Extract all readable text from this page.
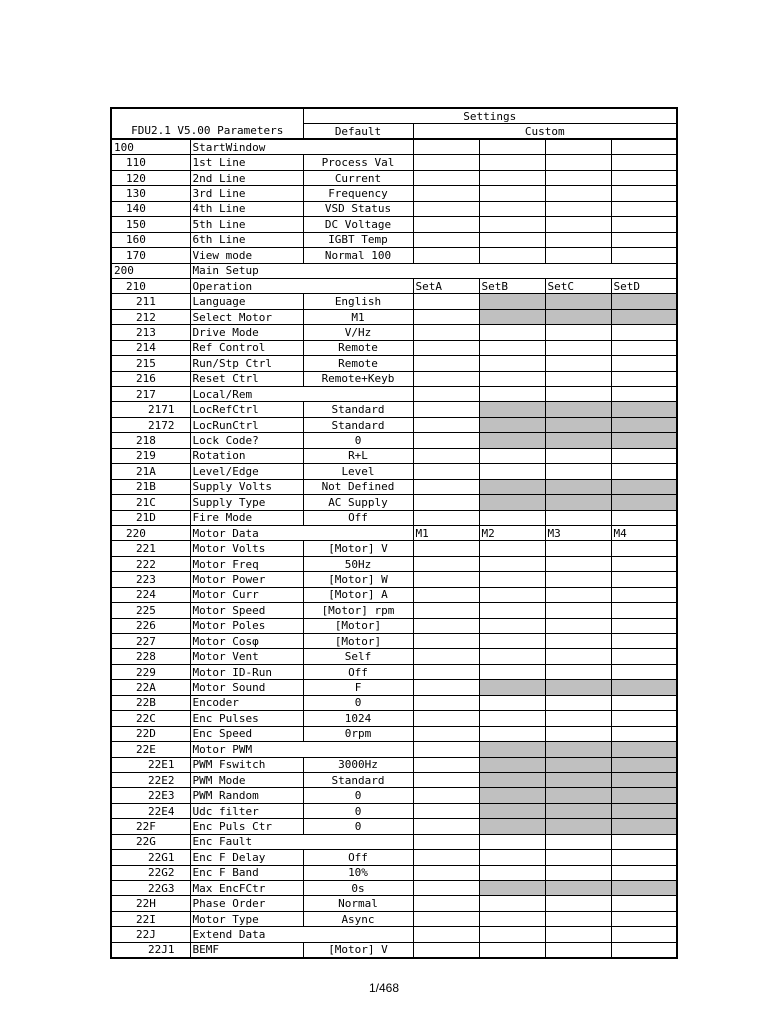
		Settings				
FDU2.1 V5.00 Parameters		Default	Custom			
100	StartWindow					
110	1st Line	Process Val				
120	2nd Line	Current				
130	3rd Line	Frequency				
140	4th Line	VSD Status				
150	5th Line	DC Voltage				
160	6th Line	IGBT Temp				
170	View mode	Normal 100				
200	Main Setup					
210	Operation		SetA	SetB	SetC	SetD
211	Language	English				
212	Select Motor	M1				
213	Drive Mode	V/Hz				
214	Ref Control	Remote				
215	Run/Stp Ctrl	Remote				
216	Reset Ctrl	Remote+Keyb				
217	Local/Rem					
2171	LocRefCtrl	Standard				
2172	LocRunCtrl	Standard				
218	Lock Code?	0				
219	Rotation	R+L				
21A	Level/Edge	Level				
21B	Supply Volts	Not Defined				
21C	Supply Type	AC Supply				
21D	Fire Mode	Off				
220	Motor Data		M1	M2	M3	M4
221	Motor Volts	[Motor] V				
222	Motor Freq	50Hz				
223	Motor Power	[Motor] W				
224	Motor Curr	[Motor] A				
225	Motor Speed	[Motor] rpm				
226	Motor Poles	[Motor]				
227	Motor Cosφ	[Motor]				
228	Motor Vent	Self				
229	Motor ID-Run	Off				
22A	Motor Sound	F				
22B	Encoder	0				
22C	Enc Pulses	1024				
22D	Enc Speed	0rpm				
22E	Motor PWM					
22E1	PWM Fswitch	3000Hz				
22E2	PWM Mode	Standard				
22E3	PWM Random	0				
22E4	Udc filter	0				
22F	Enc Puls Ctr	0				
22G	Enc Fault					
22G1	Enc F Delay	Off				
22G2	Enc F Band	10%				
22G3	Max EncFCtr	0s				
22H	Phase Order	Normal				
22I	Motor Type	Async				
22J	Extend Data					
22J1	BEMF	[Motor] V				
1/468
